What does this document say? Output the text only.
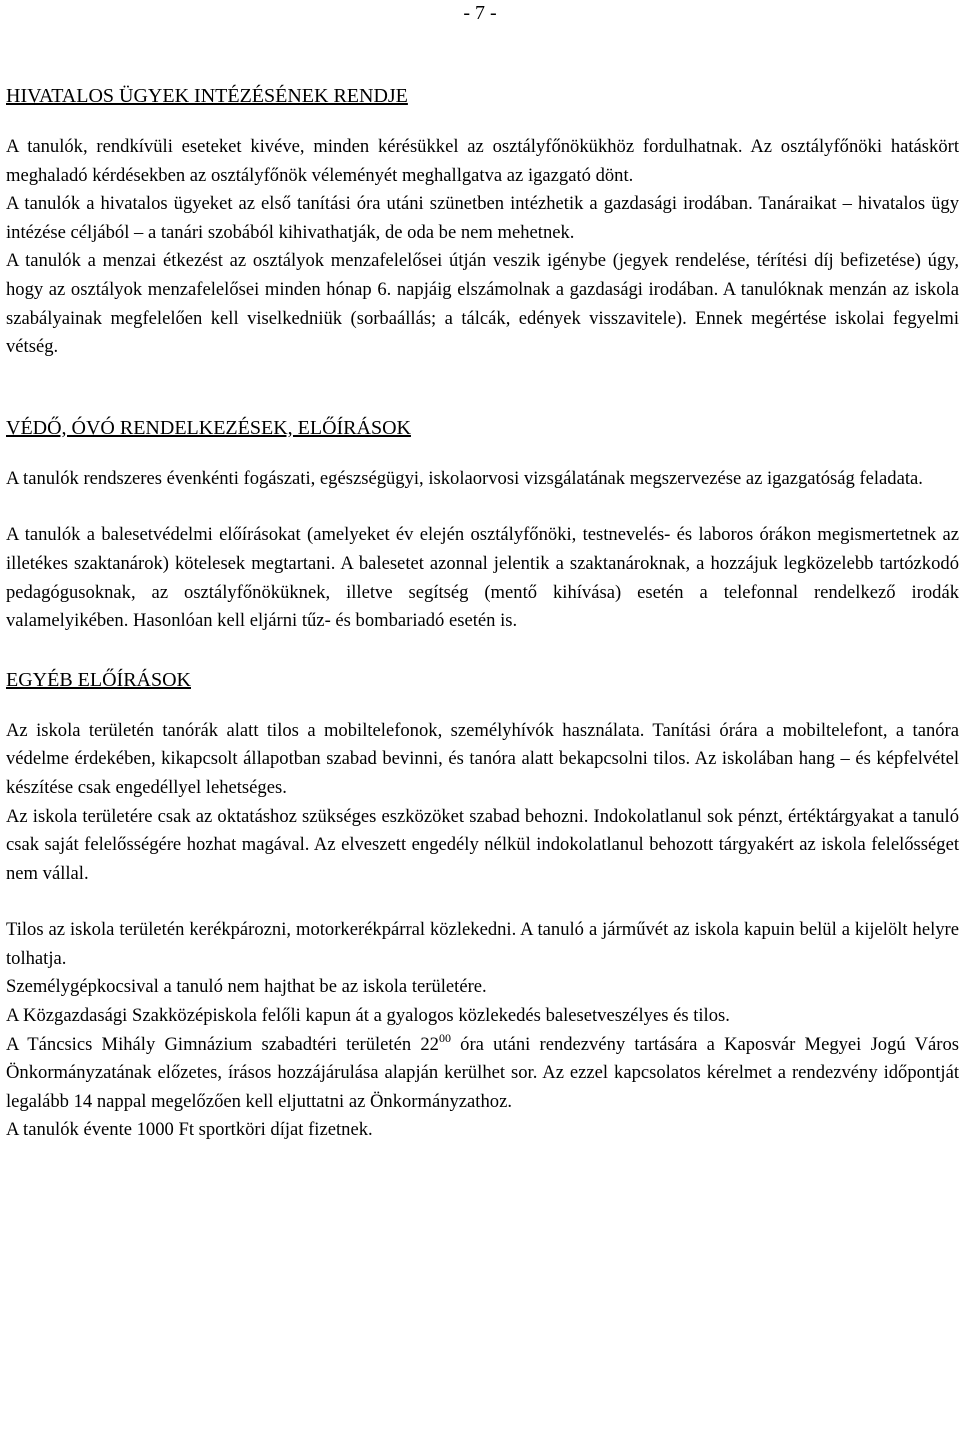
- 7 -
HIVATALOS ÜGYEK INTÉZÉSÉNEK RENDJE

A tanulók, rendkívüli eseteket kivéve, minden kérésükkel az osztályfőnökükhöz fordulhatnak. Az osztályfőnöki hatáskört meghaladó kérdésekben az osztályfőnök véleményét meghallgatva az igazgató dönt.

A tanulók a hivatalos ügyeket az első tanítási óra utáni szünetben intézhetik a gazdasági irodában. Tanáraikat – hivatalos ügy intézése céljából – a tanári szobából kihivathatják, de oda be nem mehetnek.

A tanulók a menzai étkezést az osztályok menzafelelősei útján veszik igénybe (jegyek rendelése, térítési díj befizetése) úgy, hogy az osztályok menzafelelősei minden hónap 6. napjáig elszámolnak a gazdasági irodában. A tanulóknak menzán az iskola szabályainak megfelelően kell viselkedniük (sorbaállás; a tálcák, edények visszavitele). Ennek megértése iskolai fegyelmi vétség.

VÉDŐ, ÓVÓ RENDELKEZÉSEK, ELŐÍRÁSOK

A tanulók rendszeres évenkénti fogászati, egészségügyi, iskolaorvosi vizsgálatának megszervezése az igazgatóság feladata.

A tanulók a balesetvédelmi előírásokat (amelyeket év elején osztályfőnöki, testnevelés- és laboros órákon megismertetnek az illetékes szaktanárok) kötelesek megtartani. A balesetet azonnal jelentik a szaktanároknak, a hozzájuk legközelebb tartózkodó pedagógusoknak, az osztályfőnöküknek, illetve segítség (mentő kihívása) esetén a telefonnal rendelkező irodák valamelyikében. Hasonlóan kell eljárni tűz- és bombariadó esetén is.

EGYÉB ELŐÍRÁSOK

Az iskola területén tanórák alatt tilos a mobiltelefonok, személyhívók használata. Tanítási órára a mobiltelefont, a tanóra védelme érdekében, kikapcsolt állapotban szabad bevinni, és tanóra alatt bekapcsolni tilos. Az iskolában hang – és képfelvétel készítése csak engedéllyel lehetséges.

Az iskola területére csak az oktatáshoz szükséges eszközöket szabad behozni. Indokolatlanul sok pénzt, értéktárgyakat a tanuló csak saját felelősségére hozhat magával. Az elveszett engedély nélkül indokolatlanul behozott tárgyakért az iskola felelősséget nem vállal.

Tilos az iskola területén kerékpározni, motorkerékpárral közlekedni. A tanuló a járművét az iskola kapuin belül a kijelölt helyre tolhatja.

Személygépkocsival a tanuló nem hajthat be az iskola területére.

A Közgazdasági Szakközépiskola felőli kapun át a gyalogos közlekedés balesetveszélyes és tilos.

A Táncsics Mihály Gimnázium szabadtéri területén $22^{00}$ óra utáni rendezvény tartására a Kaposvár Megyei Jogú Város Önkormányzatának előzetes, írásos hozzájárulása alapján kerülhet sor. Az ezzel kapcsolatos kérelmet a rendezvény időpontját legalább 14 nappal megelőzően kell eljuttatni az Önkormányzathoz.

A tanulók évente 1000 Ft sportköri díjat fizetnek.
